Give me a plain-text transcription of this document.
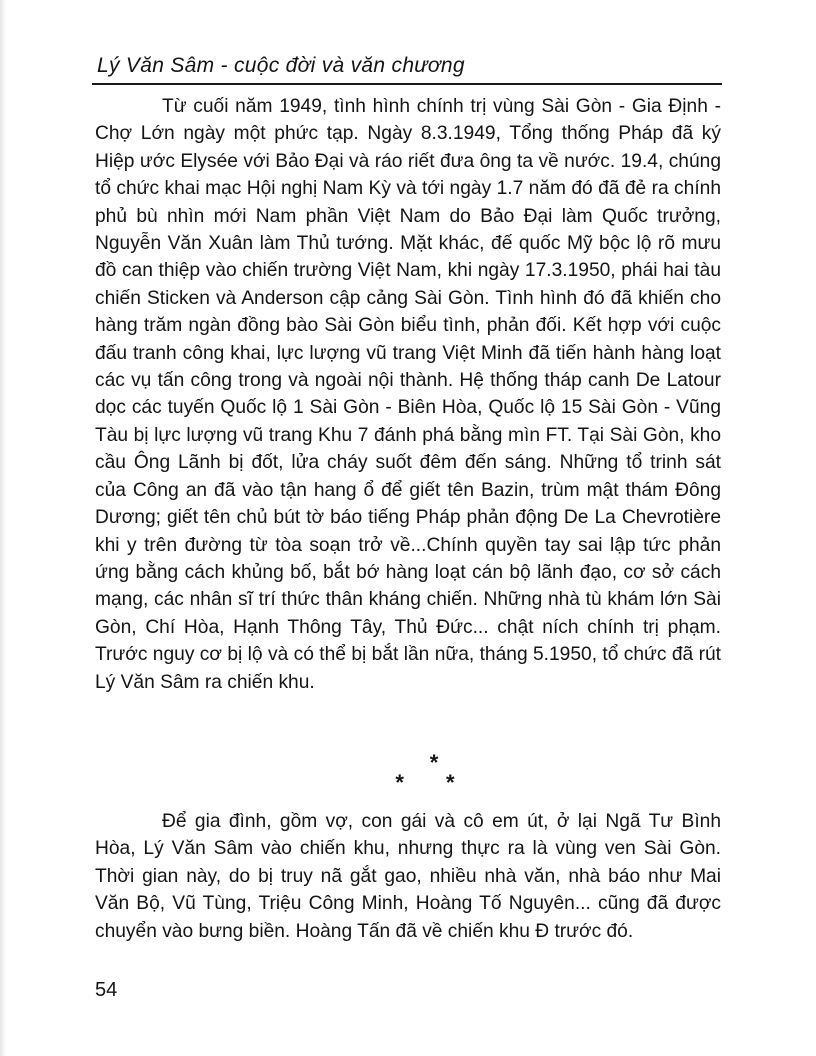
Lý Văn Sâm - cuộc đời và văn chương

Từ cuối năm 1949, tình hình chính trị vùng Sài Gòn - Gia Định - Chợ Lớn ngày một phức tạp. Ngày 8.3.1949, Tổng thống Pháp đã ký Hiệp ước Elysée với Bảo Đại và ráo riết đưa ông ta về nước. 19.4, chúng tổ chức khai mạc Hội nghị Nam Kỳ và tới ngày 1.7 năm đó đã đẻ ra chính phủ bù nhìn mới Nam phần Việt Nam do Bảo Đại làm Quốc trưởng, Nguyễn Văn Xuân làm Thủ tướng. Mặt khác, đế quốc Mỹ bộc lộ rõ mưu đồ can thiệp vào chiến trường Việt Nam, khi ngày 17.3.1950, phái hai tàu chiến Sticken và Anderson cập cảng Sài Gòn. Tình hình đó đã khiến cho hàng trăm ngàn đồng bào Sài Gòn biểu tình, phản đối. Kết hợp với cuộc đấu tranh công khai, lực lượng vũ trang Việt Minh đã tiến hành hàng loạt các vụ tấn công trong và ngoài nội thành. Hệ thống tháp canh De Latour dọc các tuyến Quốc lộ 1 Sài Gòn - Biên Hòa, Quốc lộ 15 Sài Gòn - Vũng Tàu bị lực lượng vũ trang Khu 7 đánh phá bằng mìn FT. Tại Sài Gòn, kho cầu Ông Lãnh bị đốt, lửa cháy suốt đêm đến sáng. Những tổ trinh sát của Công an đã vào tận hang ổ để giết tên Bazin, trùm mật thám Đông Dương; giết tên chủ bút tờ báo tiếng Pháp phản động De La Chevrotière khi y trên đường từ tòa soạn trở về...Chính quyền tay sai lập tức phản ứng bằng cách khủng bố, bắt bớ hàng loạt cán bộ lãnh đạo, cơ sở cách mạng, các nhân sĩ trí thức thân kháng chiến. Những nhà tù khám lớn Sài Gòn, Chí Hòa, Hạnh Thông Tây, Thủ Đức... chật ních chính trị phạm. Trước nguy cơ bị lộ và có thể bị bắt lần nữa, tháng 5.1950, tổ chức đã rút Lý Văn Sâm ra chiến khu.

*
* *

Để gia đình, gồm vợ, con gái và cô em út, ở lại Ngã Tư Bình Hòa, Lý Văn Sâm vào chiến khu, nhưng thực ra là vùng ven Sài Gòn. Thời gian này, do bị truy nã gắt gao, nhiều nhà văn, nhà báo như Mai Văn Bộ, Vũ Tùng, Triệu Công Minh, Hoàng Tố Nguyên... cũng đã được chuyển vào bưng biền. Hoàng Tấn đã về chiến khu Đ trước đó.

54
